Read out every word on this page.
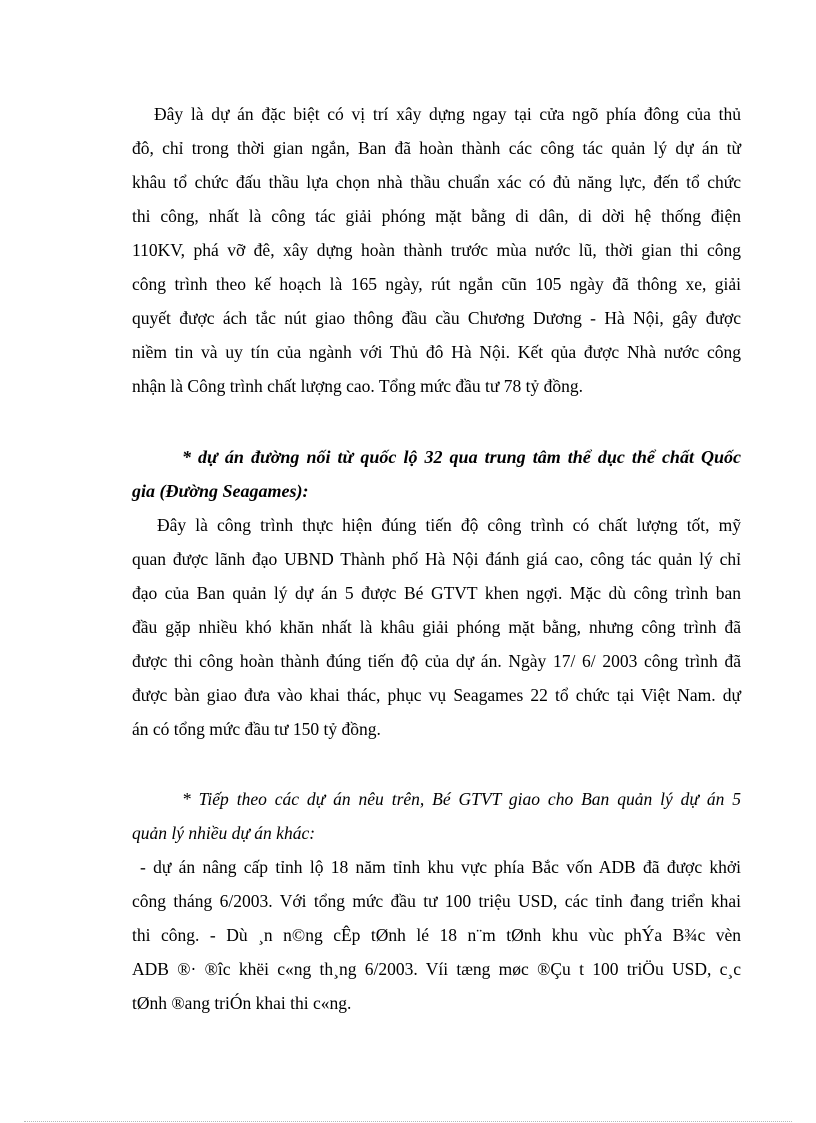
Đây là dự án đặc biệt có vị trí xây dựng ngay tại cửa ngõ phía đông của thủ
đô, chỉ trong thời gian ngắn, Ban đã hoàn thành các công tác quản lý dự án từ
khâu tổ chức đấu thầu lựa chọn nhà thầu chuẩn xác có đủ năng lực, đến tổ chức
thi công, nhất là công tác giải phóng mặt bằng di dân, di dời hệ thống điện
110KV, phá vỡ đê, xây dựng hoàn thành trước mùa nước lũ, thời gian thi công
công trình theo kế hoạch là 165 ngày, rút ngắn cũn 105 ngày đã thông xe, giải
quyết được ách tắc nút giao thông đầu cầu Chương Dương - Hà Nội, gây được
niềm tin và uy tín của ngành với Thủ đô Hà Nội. Kết qủa được Nhà nước công
nhận là Công trình chất lượng cao. Tổng mức đầu tư 78 tỷ đồng.
* dự án đường nối từ quốc lộ 32 qua trung tâm thể dục thể chất Quốc
gia (Đường Seagames):
Đây là công trình thực hiện đúng tiến độ công trình có chất lượng tốt, mỹ
quan được lãnh đạo UBND Thành phố Hà Nội đánh giá cao, công tác quản lý chỉ
đạo của Ban quản lý dự án 5 được Bé GTVT khen ngợi. Mặc dù công trình ban
đầu gặp nhiều khó khăn nhất là khâu giải phóng mặt bằng, nhưng công trình đã
được thi công hoàn thành đúng tiến độ của dự án. Ngày 17/ 6/ 2003 công trình đã
được bàn giao đưa vào khai thác, phục vụ Seagames 22 tổ chức tại Việt Nam. dự
án có tổng mức đầu tư 150 tỷ đồng.
* Tiếp theo các dự án nêu trên, Bé GTVT giao cho Ban quản lý dự án 5
quản lý nhiều dự án khác:
- dự án nâng cấp tỉnh lộ 18 năm tỉnh khu vực phía Bắc vốn ADB đã được khởi
công tháng 6/2003. Với tổng mức đầu tư 100 triệu USD, các tỉnh đang triển khai
thi công. - Dù ¸n n©ng cÊp tØnh lé 18 n¨m tØnh khu vùc phÝa B¾c vèn
ADB ®· ®îc khëi c«ng th¸ng 6/2003. Víi tæng møc ®Çu t 100 triÖu USD, c¸c
tØnh ®ang triÓn khai thi c«ng.
